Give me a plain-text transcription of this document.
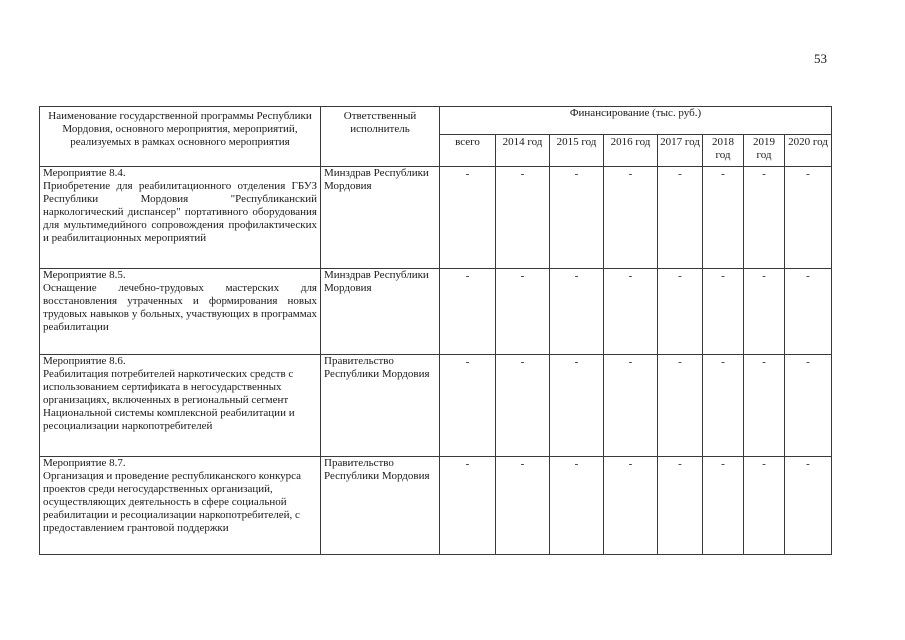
53
Наименование государственной программы Республики Мордовия, основного мероприятия, мероприятий, реализуемых в рамках основного мероприятия	Ответственный исполнитель	Финансирование (тыс. руб.)							
		всего	2014 год	2015 год	2016 год	2017 год	2018 год	2019 год	2020 год

Мероприятие 8.4.
Приобретение для реабилитационного отделения ГБУЗ Республики Мордовия "Республиканский наркологический диспансер" портативного оборудования для мультимедийного сопровождения профилактических и реабилитационных мероприятий	Минздрав Республики Мордовия	-	-	-	-	-	-	-	-

Мероприятие 8.5.
Оснащение лечебно-трудовых мастерских для восстановления утраченных и формирования новых трудовых навыков у больных, участвующих в программах реабилитации	Минздрав Республики Мордовия	-	-	-	-	-	-	-	-

Мероприятие 8.6.
Реабилитация потребителей наркотических средств с использованием сертификата в негосударственных организациях, включенных в региональный сегмент Национальной системы комплексной реабилитации и ресоциализации наркопотребителей	Правительство Республики Мордовия	-	-	-	-	-	-	-	-

Мероприятие 8.7.
Организация и проведение республиканского конкурса проектов среди негосударственных организаций, осуществляющих деятельность в сфере социальной реабилитации и ресоциализации наркопотребителей, с предоставлением грантовой поддержки	Правительство Республики Мордовия	-	-	-	-	-	-	-	-
